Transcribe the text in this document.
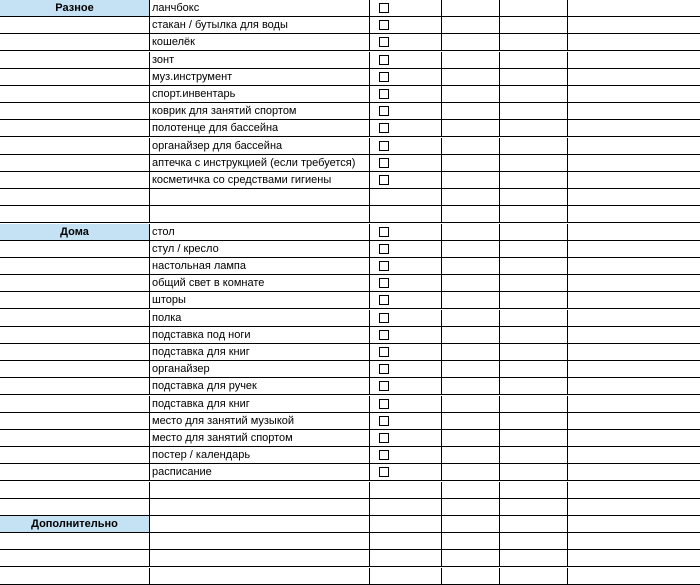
Разное	ланчбокс
стакан / бутылка для воды
кошелёк
зонт
муз.инструмент
спорт.инвентарь
коврик для занятий спортом
полотенце для бассейна
органайзер для бассейна
аптечка с инструкцией (если требуется)
косметичка со средствами гигиены
Дома	стол
стул / кресло
настольная лампа
общий свет в комнате
шторы
полка
подставка под ноги
подставка для книг
органайзер
подставка для ручек
подставка для книг
место для занятий музыкой
место для занятий спортом
постер / календарь
расписание
Дополнительно
